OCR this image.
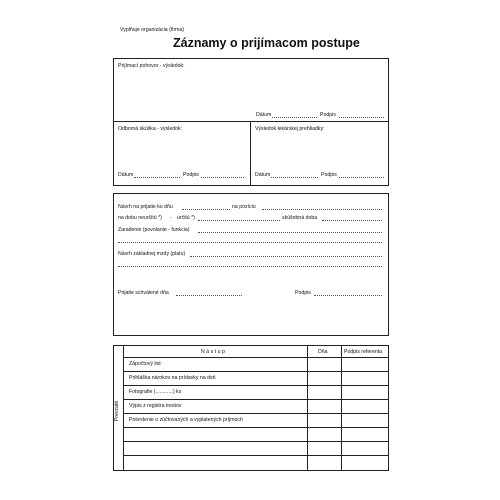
Vyplňuje organizácia (firma)
Záznamy o prijímacom postupe
Prijímací pohovor - výsledok:
Dátum	Podpis
Odborná skúška - výsledok:	Výsledok lekárskej prehliadky:
Dátum	Podpis	Dátum	Podpis
Návrh na prijatie ku dňu	na pozíciu
na dobu neurčitú *) - určitú *)	skúšobná doba
Zaradenie (povolanie - funkcia)
Návrh základnej mzdy (platu)
Prijatie schválené dňa	Podpis
Nástup	Dňa	Podpis referenta
Prevzaté
Zápočtový list
Prihláška nárokov na prídavky na deti
Fotografie (............) ks
Výpis z registra trestov
Potvrdenie o zúčtovaných a vyplatených príjmoch
